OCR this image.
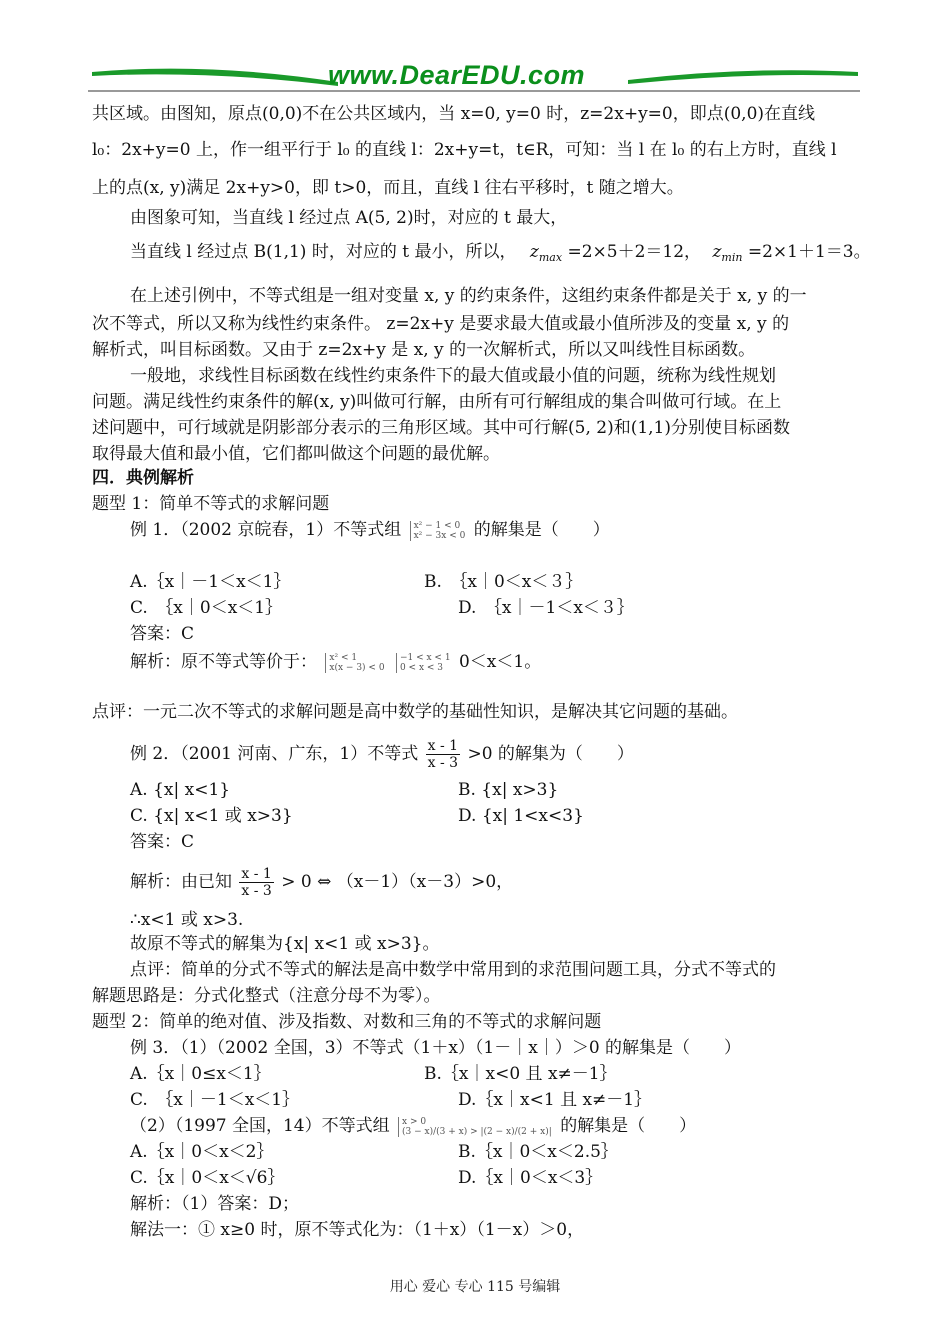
www.DearEDU.com
共区域。由图知，原点(0,0)不在公共区域内，当 x=0, y=0 时，z=2x+y=0，即点(0,0)在直线
l₀：2x+y=0 上，作一组平行于 l₀ 的直线 l：2x+y=t，t∈R，可知：当 l 在 l₀ 的右上方时，直线 l
上的点(x, y)满足 2x+y>0，即 t>0，而且，直线 l 往右平移时，t 随之增大。
由图象可知，当直线 l 经过点 A(5, 2)时，对应的 t 最大，
当直线 l 经过点 B(1,1) 时，对应的 t 最小，所以， $z_{max} =2\times 5+2=12$， $z_{min} =2\times 1+1=3$。
在上述引例中，不等式组是一组对变量 x, y 的约束条件，这组约束条件都是关于 x, y 的一
次不等式，所以又称为线性约束条件。 z=2x+y 是要求最大值或最小值所涉及的变量 x, y 的
解析式，叫目标函数。又由于 z=2x+y 是 x, y 的一次解析式，所以又叫线性目标函数。
一般地，求线性目标函数在线性约束条件下的最大值或最小值的问题，统称为线性规划
问题。满足线性约束条件的解(x, y)叫做可行解，由所有可行解组成的集合叫做可行域。在上
述问题中，可行域就是阴影部分表示的三角形区域。其中可行解(5, 2)和(1,1)分别使目标函数
取得最大值和最小值，它们都叫做这个问题的最优解。
四．典例解析
题型 1：简单不等式的求解问题
例 1．（2002 京皖春，1）不等式组 x² − 1 < 0
x² − 3x < 0 的解集是（　　）
A.｛x｜－1＜x＜1｝	B.　｛x｜0＜x＜３｝
C.　｛x｜0＜x＜1｝	D.　｛x｜－1＜x＜３｝
答案：C
解析：原不等式等价于： x² < 1
x(x − 3) < 0 −1 < x < 1
0 < x < 3 0＜x＜1。
点评：一元二次不等式的求解问题是高中数学的基础性知识，是解决其它问题的基础。
例 2．（2001 河南、广东，1）不等式 $\frac{x - 1}{x - 3} >0$ 的解集为（　　）
A. {x| x<1}	B. {x| x>3}
C. {x| x<1 或 x>3}	D. {x| 1<x<3}
答案：C
解析：由已知 $\frac{x - 1}{x - 3} > 0$ ⇔ （x－1）（x－3）>0，
∴x<1 或 x>3.
故原不等式的解集为{x| x<1 或 x>3}。
点评：简单的分式不等式的解法是高中数学中常用到的求范围问题工具，分式不等式的
解题思路是：分式化整式（注意分母不为零）。
题型 2：简单的绝对值、涉及指数、对数和三角的不等式的求解问题
例 3．（1）（2002 全国，3）不等式（1＋x）（1－｜x｜）＞0 的解集是（　　）
A.｛x｜0≤x＜1｝	B.｛x｜x<0 且 x≠－1｝
C.　｛x｜－1＜x＜1｝	D.｛x｜x<1 且 x≠－1｝
（2）（1997 全国，14）不等式组 x > 0
(3 − x)/(3 + x) > |(2 − x)/(2 + x)| 的解集是（　　）
A.｛x｜0＜x＜2｝	B.｛x｜0＜x＜2.5｝
C.｛x｜0＜x＜√6｝	D.｛x｜0＜x＜3｝
解析：（1）答案：D；
解法一：① x≥0 时，原不等式化为：（1＋x）（1－x）＞0，
用心 爱心 专心 115 号编辑
